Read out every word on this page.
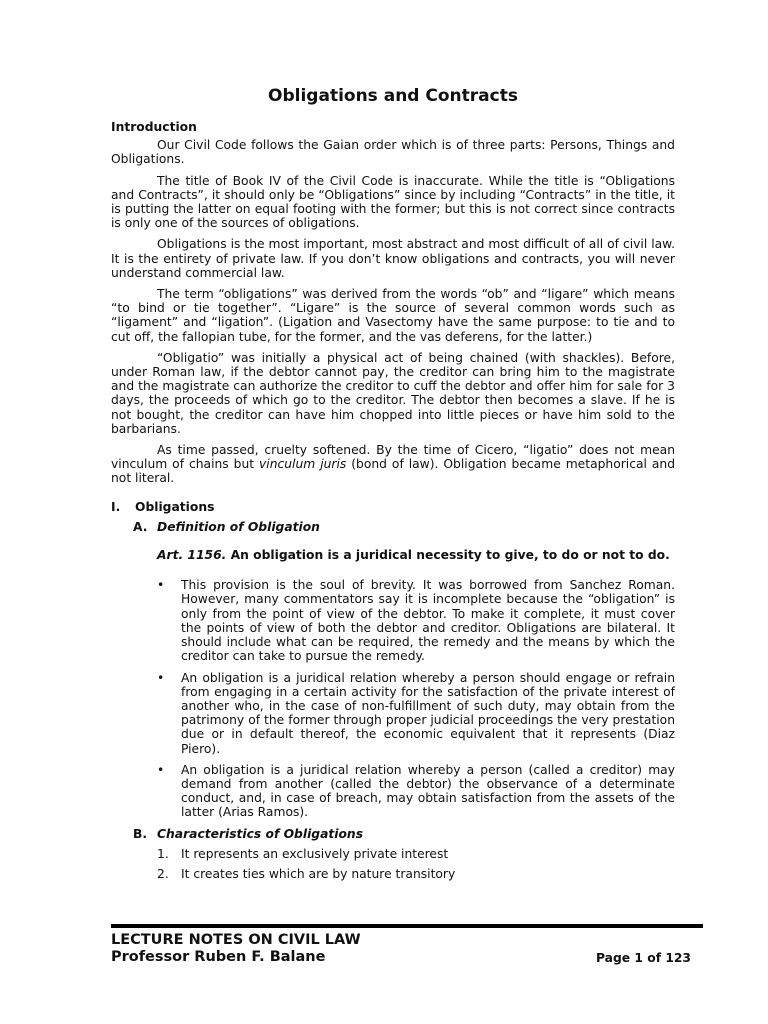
Obligations and Contracts
Introduction

Our Civil Code follows the Gaian order which is of three parts: Persons, Things and Obligations.

The title of Book IV of the Civil Code is inaccurate. While the title is “Obligations and Contracts”, it should only be “Obligations” since by including “Contracts” in the title, it is putting the latter on equal footing with the former; but this is not correct since contracts is only one of the sources of obligations.

Obligations is the most important, most abstract and most difficult of all of civil law. It is the entirety of private law. If you don’t know obligations and contracts, you will never understand commercial law.

The term “obligations” was derived from the words “ob” and “ligare” which means “to bind or tie together”. “Ligare” is the source of several common words such as “ligament” and “ligation”. (Ligation and Vasectomy have the same purpose: to tie and to cut off, the fallopian tube, for the former, and the vas deferens, for the latter.)

“Obligatio” was initially a physical act of being chained (with shackles). Before, under Roman law, if the debtor cannot pay, the creditor can bring him to the magistrate and the magistrate can authorize the creditor to cuff the debtor and offer him for sale for 3 days, the proceeds of which go to the creditor. The debtor then becomes a slave. If he is not bought, the creditor can have him chopped into little pieces or have him sold to the barbarians.

As time passed, cruelty softened. By the time of Cicero, “ligatio” does not mean vinculum of chains but vinculum juris (bond of law). Obligation became metaphorical and not literal.

I. Obligations
A. Definition of Obligation
Art. 1156. An obligation is a juridical necessity to give, to do or not to do.
• This provision is the soul of brevity. It was borrowed from Sanchez Roman. However, many commentators say it is incomplete because the “obligation” is only from the point of view of the debtor. To make it complete, it must cover the points of view of both the debtor and creditor. Obligations are bilateral. It should include what can be required, the remedy and the means by which the creditor can take to pursue the remedy.
• An obligation is a juridical relation whereby a person should engage or refrain from engaging in a certain activity for the satisfaction of the private interest of another who, in the case of non-fulfillment of such duty, may obtain from the patrimony of the former through proper judicial proceedings the very prestation due or in default thereof, the economic equivalent that it represents (Diaz Piero).
• An obligation is a juridical relation whereby a person (called a creditor) may demand from another (called the debtor) the observance of a determinate conduct, and, in case of breach, may obtain satisfaction from the assets of the latter (Arias Ramos).
B. Characteristics of Obligations
1. It represents an exclusively private interest
2. It creates ties which are by nature transitory
LECTURE NOTES ON CIVIL LAW
Professor Ruben F. Balane	Page 1 of 123
